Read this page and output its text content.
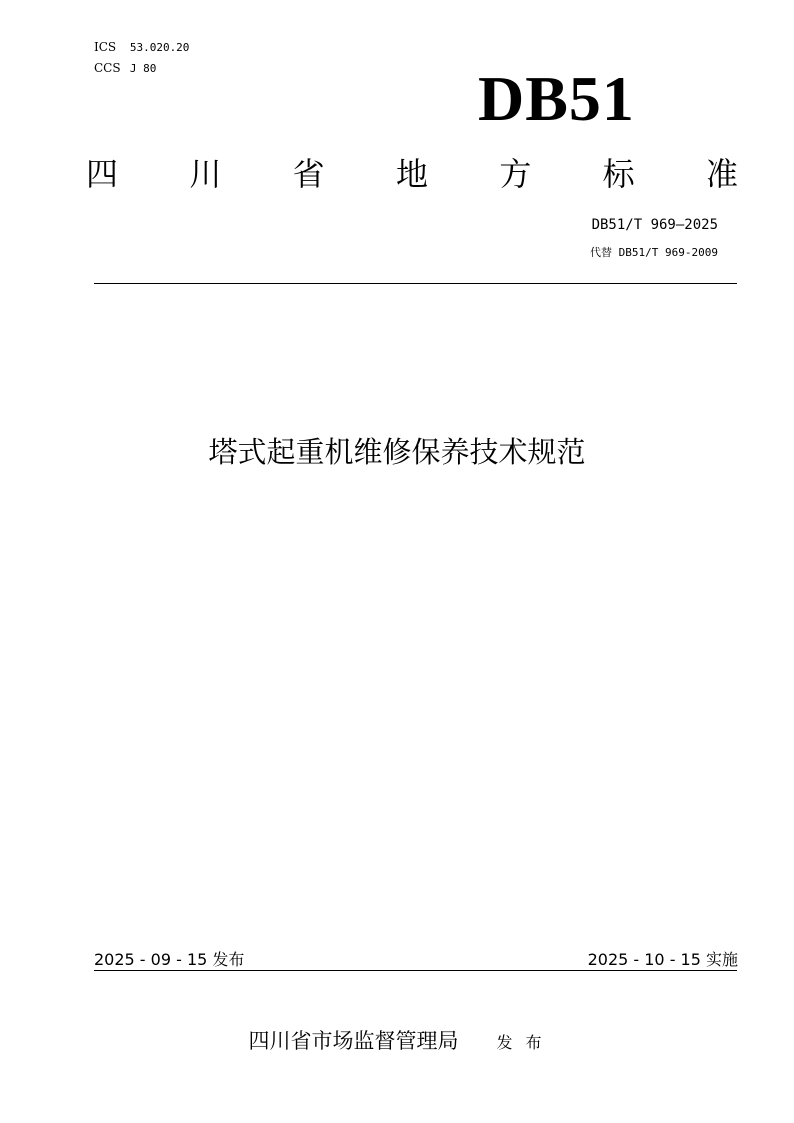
ICS 53.020.20
CCS J 80	DB51
四 川 省 地 方 标 准
DB51/T 969—2025
代替 DB51/T 969-2009
塔式起重机维修保养技术规范
2025 - 09 - 15 发布	2025 - 10 - 15 实施
四川省市场监督管理局 发 布
